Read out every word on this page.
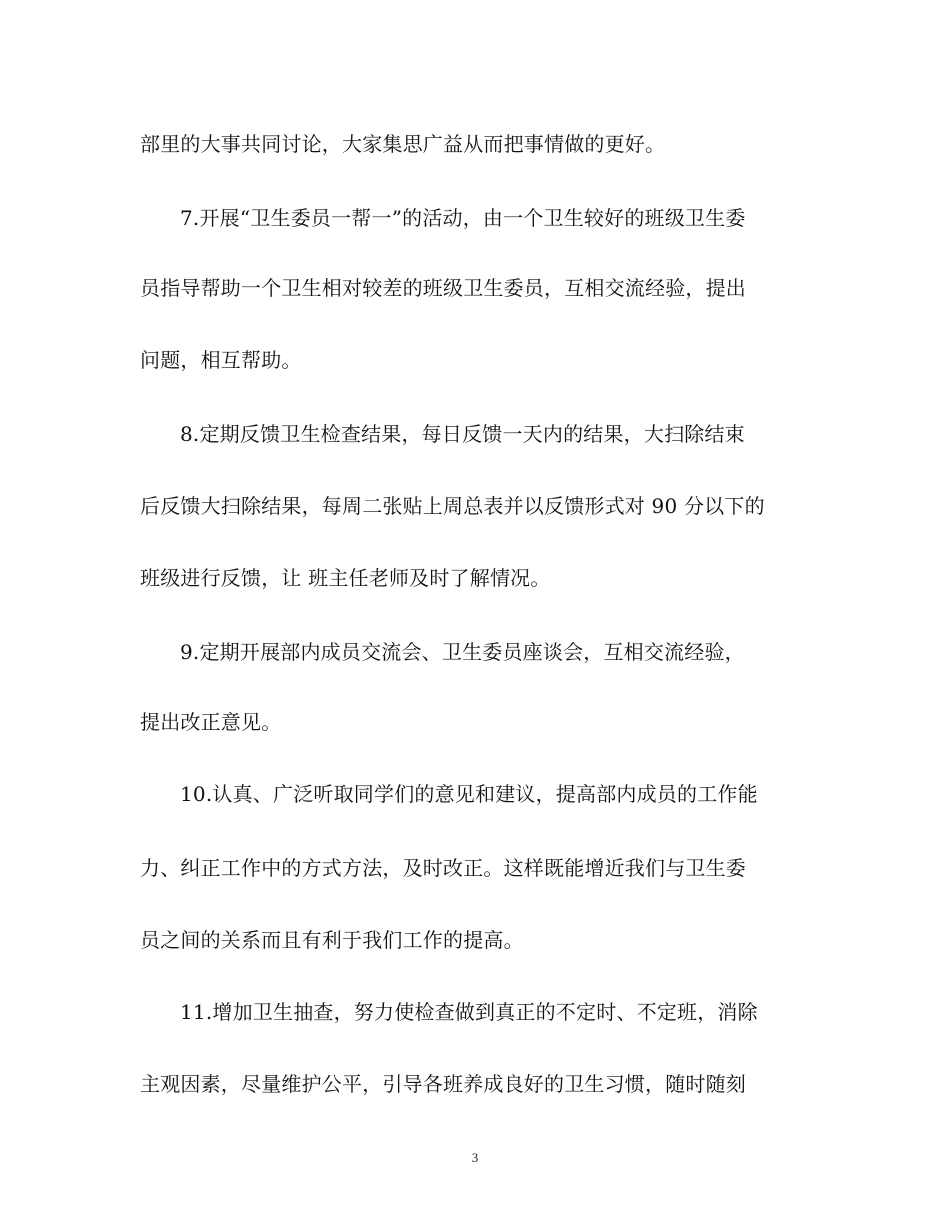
部里的大事共同讨论，大家集思广益从而把事情做的更好。
7.开展“卫生委员一帮一”的活动，由一个卫生较好的班级卫生委
员指导帮助一个卫生相对较差的班级卫生委员，互相交流经验，提出
问题，相互帮助。
8.定期反馈卫生检查结果，每日反馈一天内的结果，大扫除结束
后反馈大扫除结果，每周二张贴上周总表并以反馈形式对 90 分以下的
班级进行反馈，让 班主任老师及时了解情况。
9.定期开展部内成员交流会、卫生委员座谈会，互相交流经验，
提出改正意见。
10.认真、广泛听取同学们的意见和建议，提高部内成员的工作能
力、纠正工作中的方式方法，及时改正。这样既能增近我们与卫生委
员之间的关系而且有利于我们工作的提高。
11.增加卫生抽查，努力使检查做到真正的不定时、不定班，消除
主观因素，尽量维护公平，引导各班养成良好的卫生习惯，随时随刻
3
